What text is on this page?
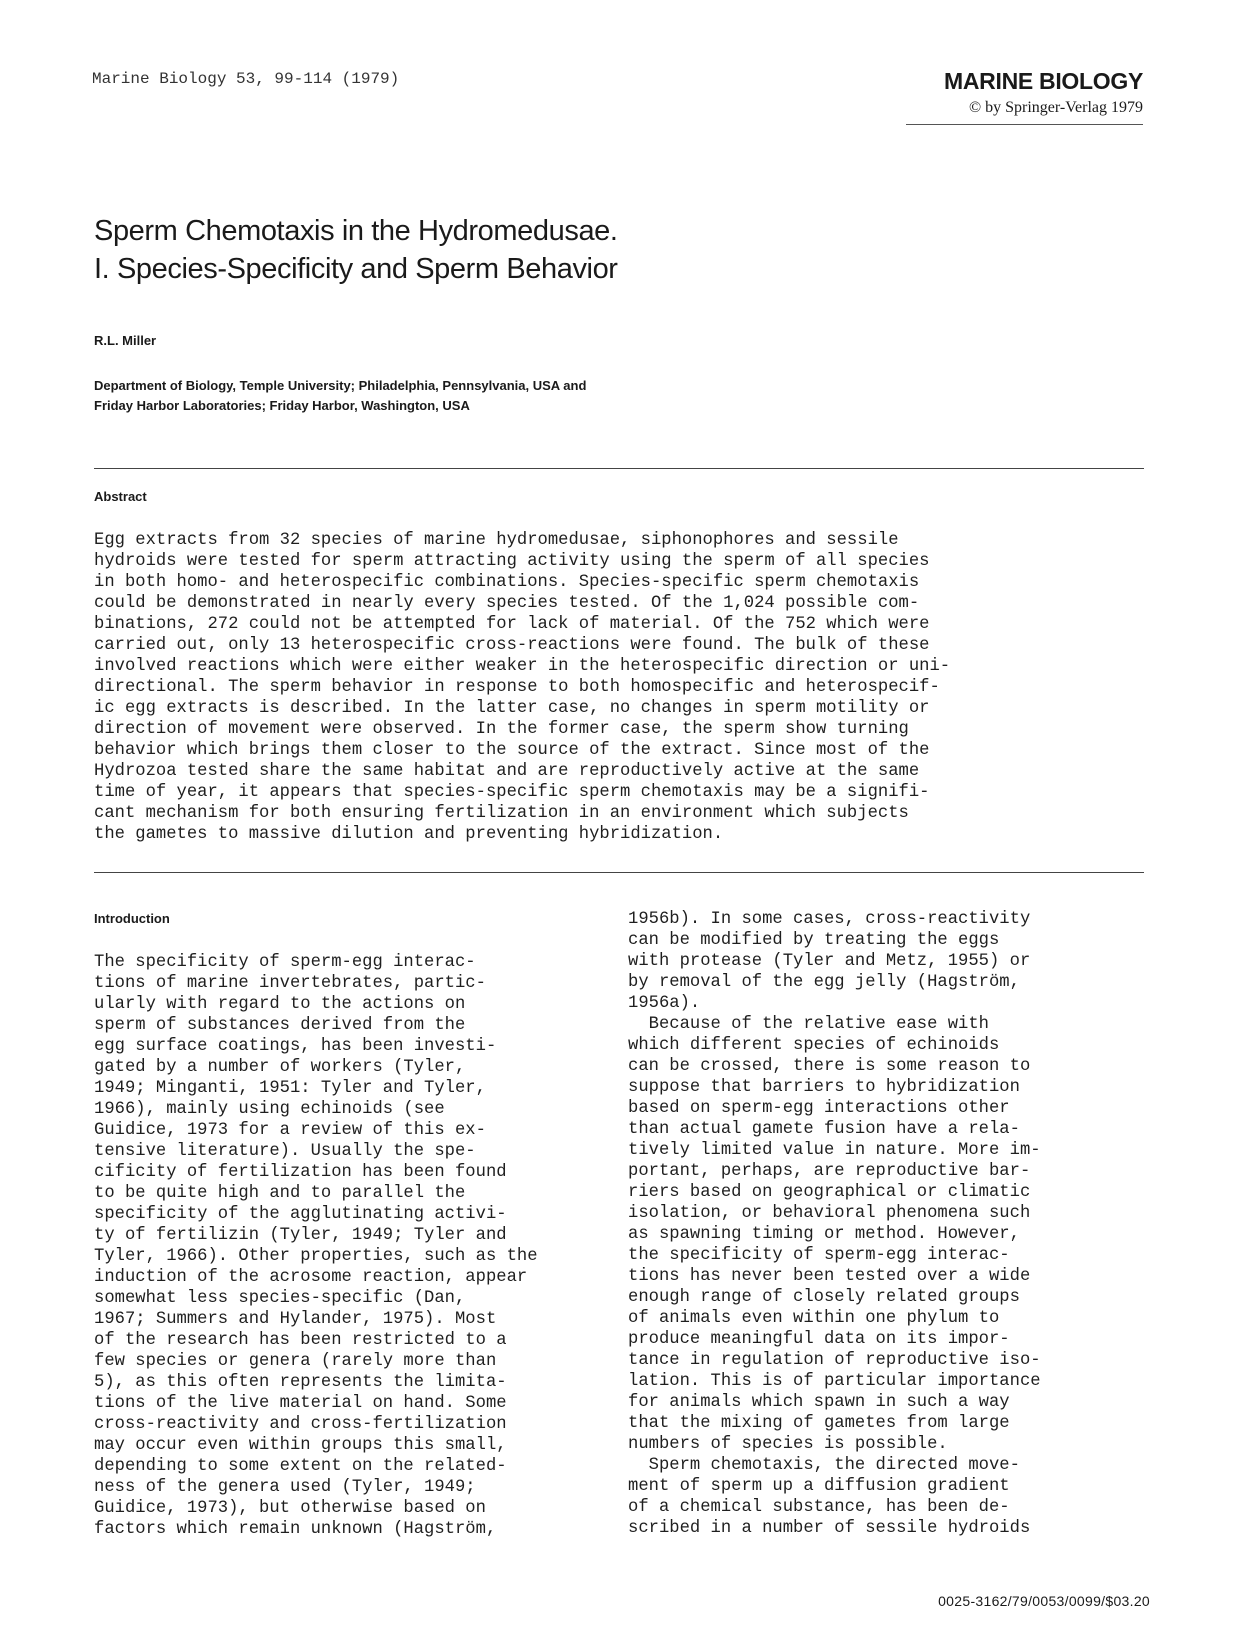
Marine Biology 53, 99-114 (1979)	MARINE BIOLOGY
© by Springer-Verlag 1979
Sperm Chemotaxis in the Hydromedusae.
I. Species-Specificity and Sperm Behavior
R.L. Miller
Department of Biology, Temple University; Philadelphia, Pennsylvania, USA and
Friday Harbor Laboratories; Friday Harbor, Washington, USA
Abstract
Egg extracts from 32 species of marine hydromedusae, siphonophores and sessile
hydroids were tested for sperm attracting activity using the sperm of all species
in both homo- and heterospecific combinations. Species-specific sperm chemotaxis
could be demonstrated in nearly every species tested. Of the 1,024 possible com-
binations, 272 could not be attempted for lack of material. Of the 752 which were
carried out, only 13 heterospecific cross-reactions were found. The bulk of these
involved reactions which were either weaker in the heterospecific direction or uni-
directional. The sperm behavior in response to both homospecific and heterospecif-
ic egg extracts is described. In the latter case, no changes in sperm motility or
direction of movement were observed. In the former case, the sperm show turning
behavior which brings them closer to the source of the extract. Since most of the
Hydrozoa tested share the same habitat and are reproductively active at the same
time of year, it appears that species-specific sperm chemotaxis may be a signifi-
cant mechanism for both ensuring fertilization in an environment which subjects
the gametes to massive dilution and preventing hybridization.
Introduction
The specificity of sperm-egg interac-
tions of marine invertebrates, partic-
ularly with regard to the actions on
sperm of substances derived from the
egg surface coatings, has been investi-
gated by a number of workers (Tyler,
1949; Minganti, 1951: Tyler and Tyler,
1966), mainly using echinoids (see
Guidice, 1973 for a review of this ex-
tensive literature). Usually the spe-
cificity of fertilization has been found
to be quite high and to parallel the
specificity of the agglutinating activi-
ty of fertilizin (Tyler, 1949; Tyler and
Tyler, 1966). Other properties, such as the
induction of the acrosome reaction, appear
somewhat less species-specific (Dan,
1967; Summers and Hylander, 1975). Most
of the research has been restricted to a
few species or genera (rarely more than
5), as this often represents the limita-
tions of the live material on hand. Some
cross-reactivity and cross-fertilization
may occur even within groups this small,
depending to some extent on the related-
ness of the genera used (Tyler, 1949;
Guidice, 1973), but otherwise based on
factors which remain unknown (Hagström,
1956b). In some cases, cross-reactivity
can be modified by treating the eggs
with protease (Tyler and Metz, 1955) or
by removal of the egg jelly (Hagström,
1956a).
Because of the relative ease with
which different species of echinoids
can be crossed, there is some reason to
suppose that barriers to hybridization
based on sperm-egg interactions other
than actual gamete fusion have a rela-
tively limited value in nature. More im-
portant, perhaps, are reproductive bar-
riers based on geographical or climatic
isolation, or behavioral phenomena such
as spawning timing or method. However,
the specificity of sperm-egg interac-
tions has never been tested over a wide
enough range of closely related groups
of animals even within one phylum to
produce meaningful data on its impor-
tance in regulation of reproductive iso-
lation. This is of particular importance
for animals which spawn in such a way
that the mixing of gametes from large
numbers of species is possible.
Sperm chemotaxis, the directed move-
ment of sperm up a diffusion gradient
of a chemical substance, has been de-
scribed in a number of sessile hydroids
0025-3162/79/0053/0099/$03.20
